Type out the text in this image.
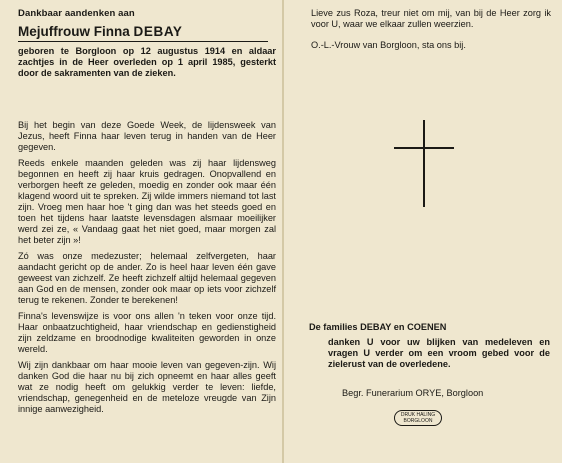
Dankbaar aandenken aan
Mejuffrouw Finna DEBAY
geboren te Borgloon op 12 augustus 1914 en aldaar zachtjes in de Heer overleden op 1 april 1985, gesterkt door de sakramenten van de zieken.

Bij het begin van deze Goede Week, de lijdensweek van Jezus, heeft Finna haar leven terug in handen van de Heer gegeven.

Reeds enkele maanden geleden was zij haar lijdensweg begonnen en heeft zij haar kruis gedragen. Onopvallend en verborgen heeft ze geleden, moedig en zonder ook maar één klagend woord uit te spreken. Zij wilde immers niemand tot last zijn. Vroeg men haar hoe 't ging dan was het steeds goed en toen het tijdens haar laatste levensdagen alsmaar moeilijker werd zei ze, « Vandaag gaat het niet goed, maar morgen zal het beter zijn »!

Zó was onze medezuster; helemaal zelfvergeten, haar aandacht gericht op de ander. Zo is heel haar leven één gave geweest van zichzelf. Ze heeft zichzelf altijd helemaal gegeven aan God en de mensen, zonder ook maar op iets voor zichzelf terug te rekenen. Zonder te berekenen!

Finna's levenswijze is voor ons allen 'n teken voor onze tijd. Haar onbaatzuchtigheid, haar vriendschap en gedienstigheid zijn zeldzame en broodnodige kwaliteiten geworden in onze wereld.

Wij zijn dankbaar om haar mooie leven van gegeven-zijn. Wij danken God die haar nu bij zich opneemt en haar alles geeft wat ze nodig heeft om gelukkig verder te leven: liefde, vriendschap, genegenheid en de meteloze vreugde van Zijn innige aanwezigheid.

Lieve zus Roza, treur niet om mij, van bij de Heer zorg ik voor U, waar we elkaar zullen weerzien.

O.-L.-Vrouw van Borgloon, sta ons bij.
De families DEBAY en COENEN
danken U voor uw blijken van medeleven en vragen U verder om een vroom gebed voor de zielerust van de overledene.
Begr. Funerarium ORYE, Borgloon
DRUK HALING
BORGLOON
